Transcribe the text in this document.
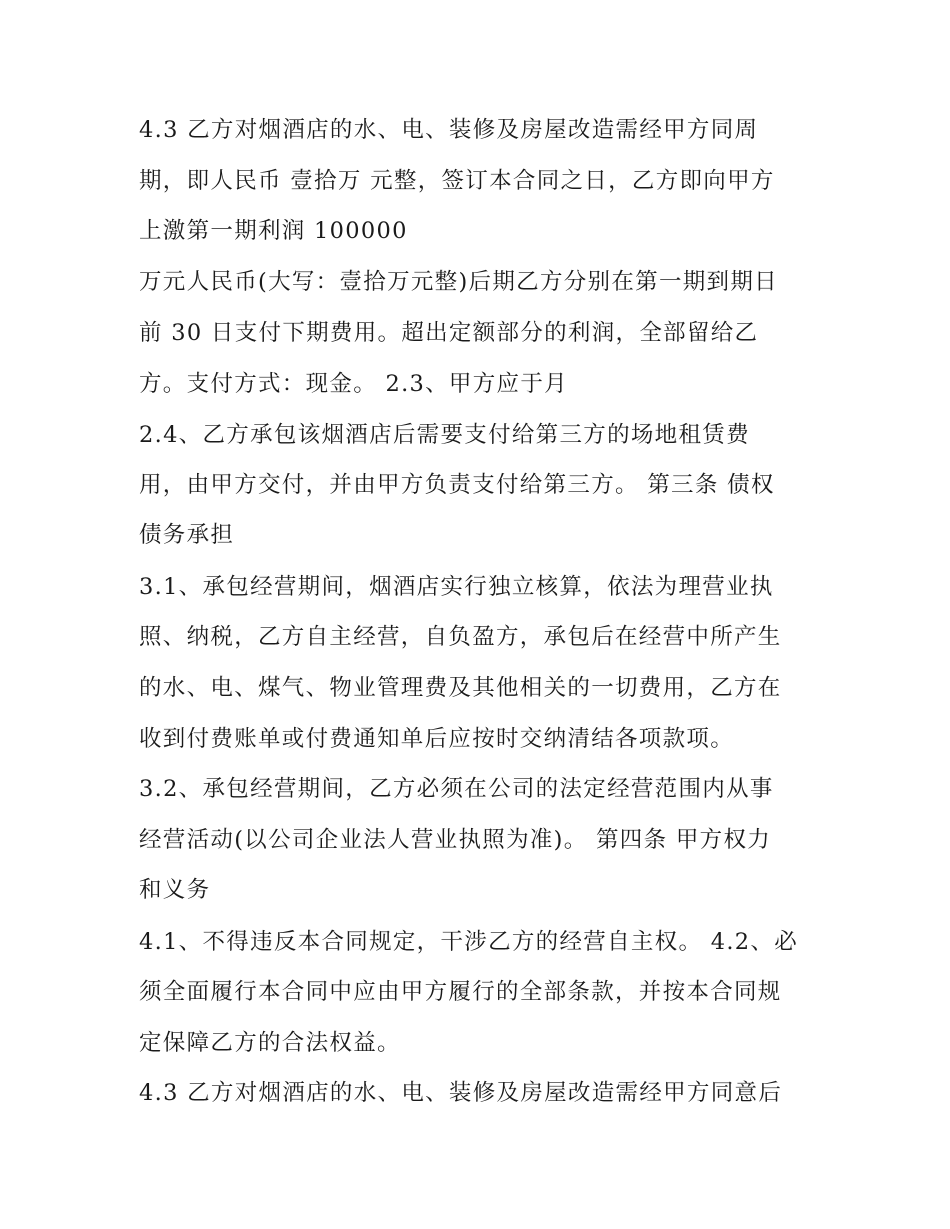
4.3 乙方对烟酒店的水、电、装修及房屋改造需经甲方同周

期，即人民币 壹拾万 元整，签订本合同之日，乙方即向甲方

上激第一期利润 100000

万元人民币(大写：壹拾万元整)后期乙方分别在第一期到期日

前 30 日支付下期费用。超出定额部分的利润，全部留给乙

方。支付方式：现金。 2.3、甲方应于月

2.4、乙方承包该烟酒店后需要支付给第三方的场地租赁费

用，由甲方交付，并由甲方负责支付给第三方。 第三条 债权

债务承担

3.1、承包经营期间，烟酒店实行独立核算，依法为理营业执

照、纳税，乙方自主经营，自负盈方，承包后在经营中所产生

的水、电、煤气、物业管理费及其他相关的一切费用，乙方在

收到付费账单或付费通知单后应按时交纳清结各项款项。

3.2、承包经营期间，乙方必须在公司的法定经营范围内从事

经营活动(以公司企业法人营业执照为准)。 第四条 甲方权力

和义务

4.1、不得违反本合同规定，干涉乙方的经营自主权。 4.2、必

须全面履行本合同中应由甲方履行的全部条款，并按本合同规

定保障乙方的合法权益。

4.3 乙方对烟酒店的水、电、装修及房屋改造需经甲方同意后
